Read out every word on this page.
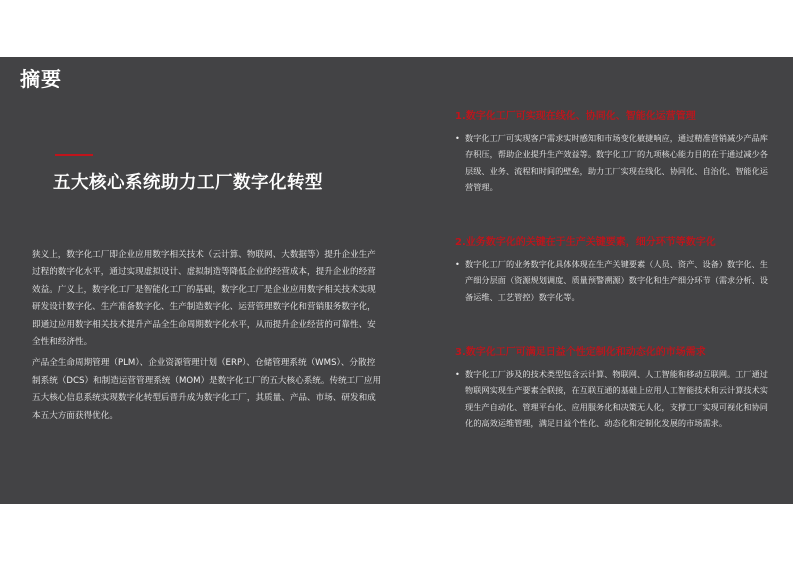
摘要
五大核心系统助力工厂数字化转型

狭义上，数字化工厂即企业应用数字相关技术（云计算、物联网、大数据等）提升企业生产过程的数字化水平，通过实现虚拟设计、虚拟制造等降低企业的经营成本，提升企业的经营效益。广义上，数字化工厂是智能化工厂的基础，数字化工厂是企业应用数字相关技术实现研发设计数字化、生产准备数字化、生产制造数字化、运营管理数字化和营销服务数字化，即通过应用数字相关技术提升产品全生命周期数字化水平，从而提升企业经营的可靠性、安全性和经济性。

产品全生命周期管理（PLM）、企业资源管理计划（ERP）、仓储管理系统（WMS）、分散控制系统（DCS）和制造运营管理系统（MOM）是数字化工厂的五大核心系统。传统工厂应用五大核心信息系统实现数字化转型后晋升成为数字化工厂，其质量、产品、市场、研发和成本五大方面获得优化。

1.数字化工厂可实现在线化、协同化、智能化运营管理
• 数字化工厂可实现客户需求实时感知和市场变化敏捷响应，通过精准营销减少产品库存积压，帮助企业提升生产效益等。数字化工厂的九项核心能力目的在于通过减少各层级、业务、流程和时间的壁垒，助力工厂实现在线化、协同化、自治化、智能化运营管理。
2.业务数字化的关键在于生产关键要素，细分环节等数字化
• 数字化工厂的业务数字化具体体现在生产关键要素（人员、资产、设备）数字化、生产细分层面（资源规划调度、质量预警溯源）数字化和生产细分环节（需求分析、设备运维、工艺管控）数字化等。
3.数字化工厂可满足日益个性定制化和动态化的市场需求
• 数字化工厂涉及的技术类型包含云计算、物联网、人工智能和移动互联网。工厂通过物联网实现生产要素全联接，在互联互通的基础上应用人工智能技术和云计算技术实现生产自动化、管理平台化、应用服务化和决策无人化，支撑工厂实现可视化和协同化的高效运维管理，满足日益个性化、动态化和定制化发展的市场需求。
